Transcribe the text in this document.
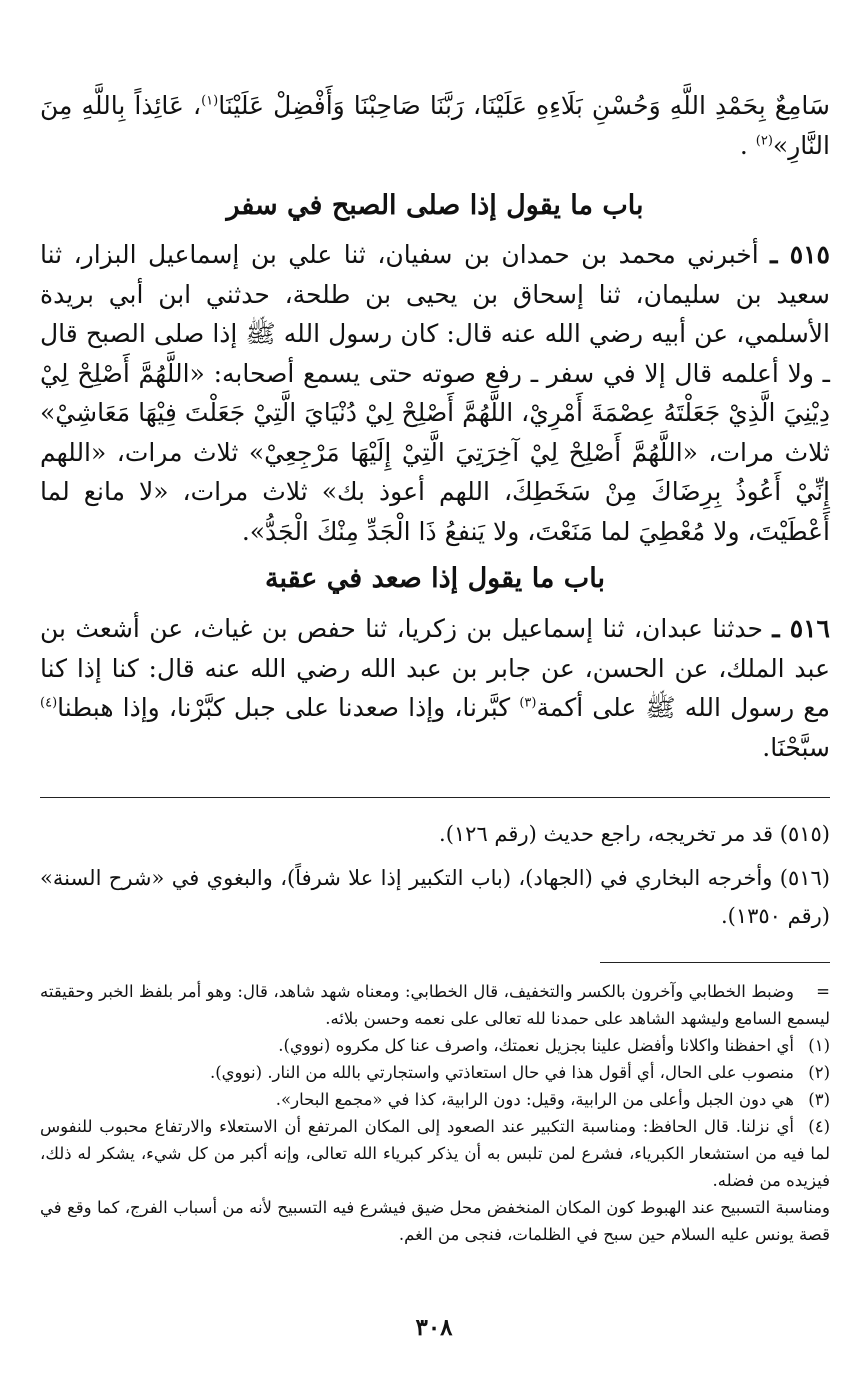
سَامِعٌ بِحَمْدِ اللَّهِ وَحُسْنِ بَلَاءِهِ عَلَيْنَا، رَبَّنَا صَاحِبْنَا وَأَفْضِلْ عَلَيْنَا$^{(١)}$، عَائِذاً بِاللَّهِ مِنَ النَّارِ»$^{(٢)}$ .

باب ما يقول إذا صلى الصبح في سفر

٥١٥ ـ أخبرني محمد بن حمدان بن سفيان، ثنا علي بن إسماعيل البزار، ثنا سعيد بن سليمان، ثنا إسحاق بن يحيى بن طلحة، حدثني ابن أبي بريدة الأسلمي، عن أبيه رضي الله عنه قال: كان رسول الله ﷺ إذا صلى الصبح قال ـ ولا أعلمه قال إلا في سفر ـ رفع صوته حتى يسمع أصحابه: «اللَّهُمَّ أَصْلِحْ لِيْ دِيْنِيَ الَّذِيْ جَعَلْتَهُ عِصْمَةَ أَمْرِيْ، اللَّهُمَّ أَصْلِحْ لِيْ دُنْيَايَ الَّتِيْ جَعَلْتَ فِيْهَا مَعَاشِيْ» ثلاث مرات، «اللَّهُمَّ أَصْلِحْ لِيْ آخِرَتِيَ الَّتِيْ إِلَيْهَا مَرْجِعِيْ» ثلاث مرات، «اللهم إِنِّيْ أَعُوذُ بِرِضَاكَ مِنْ سَخَطِكَ، اللهم أعوذ بك» ثلاث مرات، «لا مانع لما أَعْطَيْتَ، ولا مُعْطِيَ لما مَنَعْتَ، ولا يَنفعُ ذَا الْجَدِّ مِنْكَ الْجَدُّ».

باب ما يقول إذا صعد في عقبة

٥١٦ ـ حدثنا عبدان، ثنا إسماعيل بن زكريا، ثنا حفص بن غياث، عن أشعث بن عبد الملك، عن الحسن، عن جابر بن عبد الله رضي الله عنه قال: كنا إذا كنا مع رسول الله ﷺ على أكمة$^{(٣)}$ كبَّرنا، وإذا صعدنا على جبل كبَّرْنا، وإذا هبطنا$^{(٤)}$ سبَّحْنَا.

(٥١٥) قد مر تخريجه، راجع حديث (رقم ١٢٦).

(٥١٦) وأخرجه البخاري في (الجهاد)، (باب التكبير إذا علا شرفاً)، والبغوي في «شرح السنة» (رقم ١٣٥٠).

=وضبط الخطابي وآخرون بالكسر والتخفيف، قال الخطابي: ومعناه شهد شاهد، قال: وهو أمر بلفظ الخبر وحقيقته ليسمع السامع وليشهد الشاهد على حمدنا لله تعالى على نعمه وحسن بلائه.

(١)أي احفظنا واكلانا وأفضل علينا بجزيل نعمتك، واصرف عنا كل مكروه (نووي).

(٢)منصوب على الحال، أي أقول هذا في حال استعاذتي واستجارتي بالله من النار. (نووي).

(٣)هي دون الجبل وأعلى من الرابية، وقيل: دون الرابية، كذا في «مجمع البحار».

(٤)أي نزلنا. قال الحافظ: ومناسبة التكبير عند الصعود إلى المكان المرتفع أن الاستعلاء والارتفاع محبوب للنفوس لما فيه من استشعار الكبرياء، فشرع لمن تلبس به أن يذكر كبرياء الله تعالى، وإنه أكبر من كل شيء، يشكر له ذلك، فيزيده من فضله.

ومناسبة التسبيح عند الهبوط كون المكان المنخفض محل ضيق فيشرع فيه التسبيح لأنه من أسباب الفرج، كما وقع في قصة يونس عليه السلام حين سبح في الظلمات، فنجى من الغم.

٣٠٨
